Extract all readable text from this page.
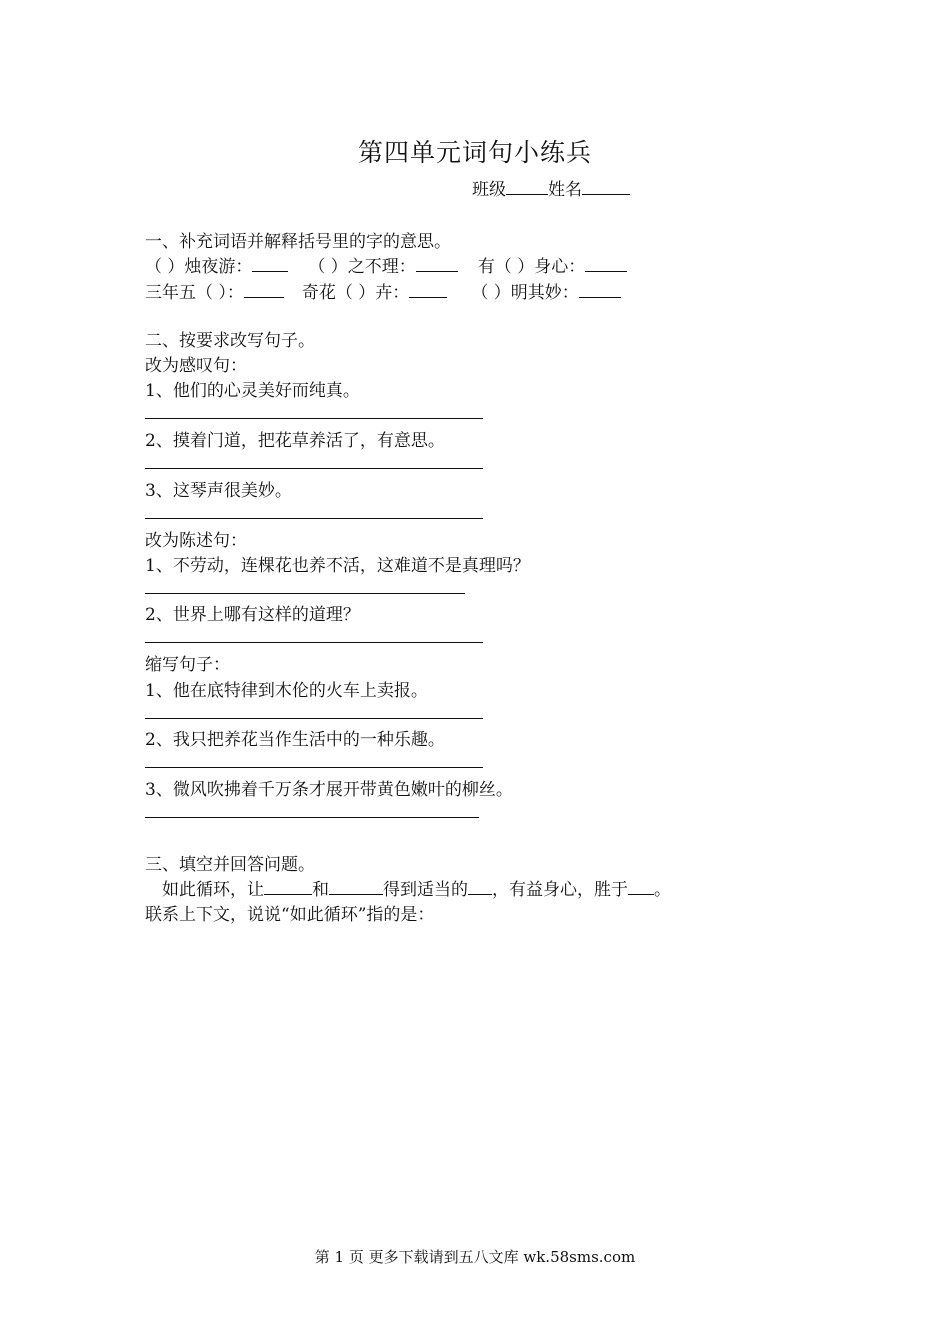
第四单元词句小练兵
班级 姓名
一、补充词语并解释括号里的字的意思。
（ ）烛夜游：	（ ）之不理：	有（ ）身心：
三年五（ ）：	奇花（ ）卉：	（ ）明其妙：
二、按要求改写句子。
改为感叹句：
1、他们的心灵美好而纯真。
2、摸着门道，把花草养活了，有意思。
3、这琴声很美妙。
改为陈述句：
1、不劳动，连棵花也养不活，这难道不是真理吗？
2、世界上哪有这样的道理？
缩写句子：
1、他在底特律到木伦的火车上卖报。
2、我只把养花当作生活中的一种乐趣。
3、微风吹拂着千万条才展开带黄色嫩叶的柳丝。
三、填空并回答问题。
如此循环，让	和	得到适当的 ，有益身心，胜于 。
联系上下文，说说“如此循环”指的是：
第 1 页 更多下载请到五八文库 wk.58sms.com
